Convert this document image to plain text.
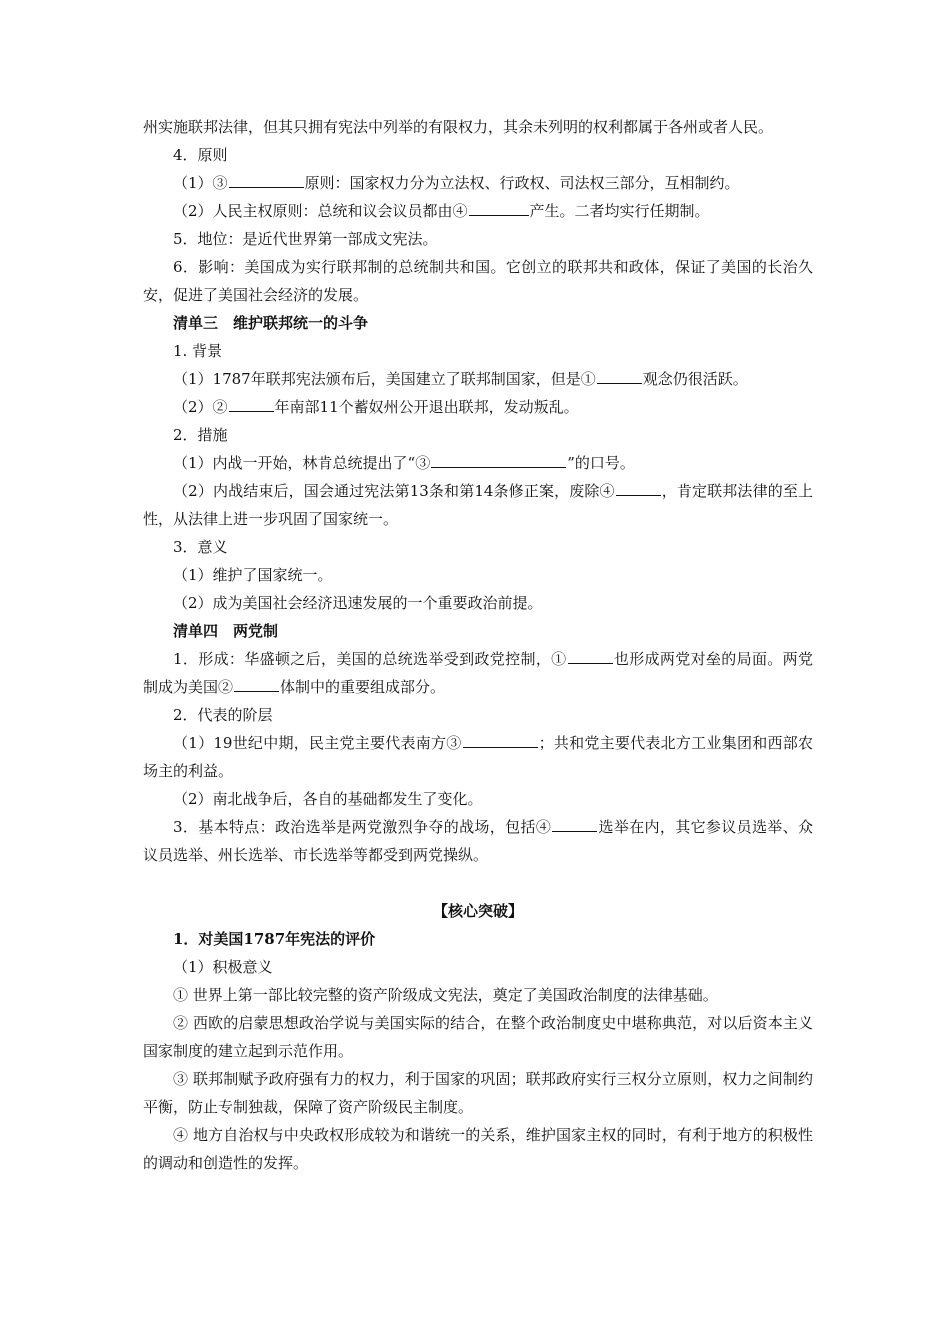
州实施联邦法律，但其只拥有宪法中列举的有限权力，其余未列明的权利都属于各州或者人民。

4．原则

（1）③	原则：国家权力分为立法权、行政权、司法权三部分，互相制约。

（2）人民主权原则：总统和议会议员都由④	产生。二者均实行任期制。

5．地位：是近代世界第一部成文宪法。

6．影响：美国成为实行联邦制的总统制共和国。它创立的联邦共和政体，保证了美国的长治久安，促进了美国社会经济的发展。

清单三　维护联邦统一的斗争

1. 背景

（1）1787年联邦宪法颁布后，美国建立了联邦制国家，但是①	观念仍很活跃。

（2）②	年南部11个蓄奴州公开退出联邦，发动叛乱。

2．措施

（1）内战一开始，林肯总统提出了“③	”的口号。

（2）内战结束后，国会通过宪法第13条和第14条修正案，废除④	，肯定联邦法律的至上性，从法律上进一步巩固了国家统一。

3．意义

（1）维护了国家统一。

（2）成为美国社会经济迅速发展的一个重要政治前提。

清单四　两党制

1．形成：华盛顿之后，美国的总统选举受到政党控制，①	也形成两党对垒的局面。两党制成为美国②	体制中的重要组成部分。

2．代表的阶层

（1）19世纪中期，民主党主要代表南方③	；共和党主要代表北方工业集团和西部农场主的利益。

（2）南北战争后，各自的基础都发生了变化。

3．基本特点：政治选举是两党激烈争夺的战场，包括④	选举在内，其它参议员选举、众议员选举、州长选举、市长选举等都受到两党操纵。

【核心突破】

1．对美国1787年宪法的评价

（1）积极意义

① 世界上第一部比较完整的资产阶级成文宪法，奠定了美国政治制度的法律基础。

② 西欧的启蒙思想政治学说与美国实际的结合，在整个政治制度史中堪称典范，对以后资本主义国家制度的建立起到示范作用。

③ 联邦制赋予政府强有力的权力，利于国家的巩固；联邦政府实行三权分立原则，权力之间制约平衡，防止专制独裁，保障了资产阶级民主制度。

④ 地方自治权与中央政权形成较为和谐统一的关系，维护国家主权的同时，有利于地方的积极性的调动和创造性的发挥。
